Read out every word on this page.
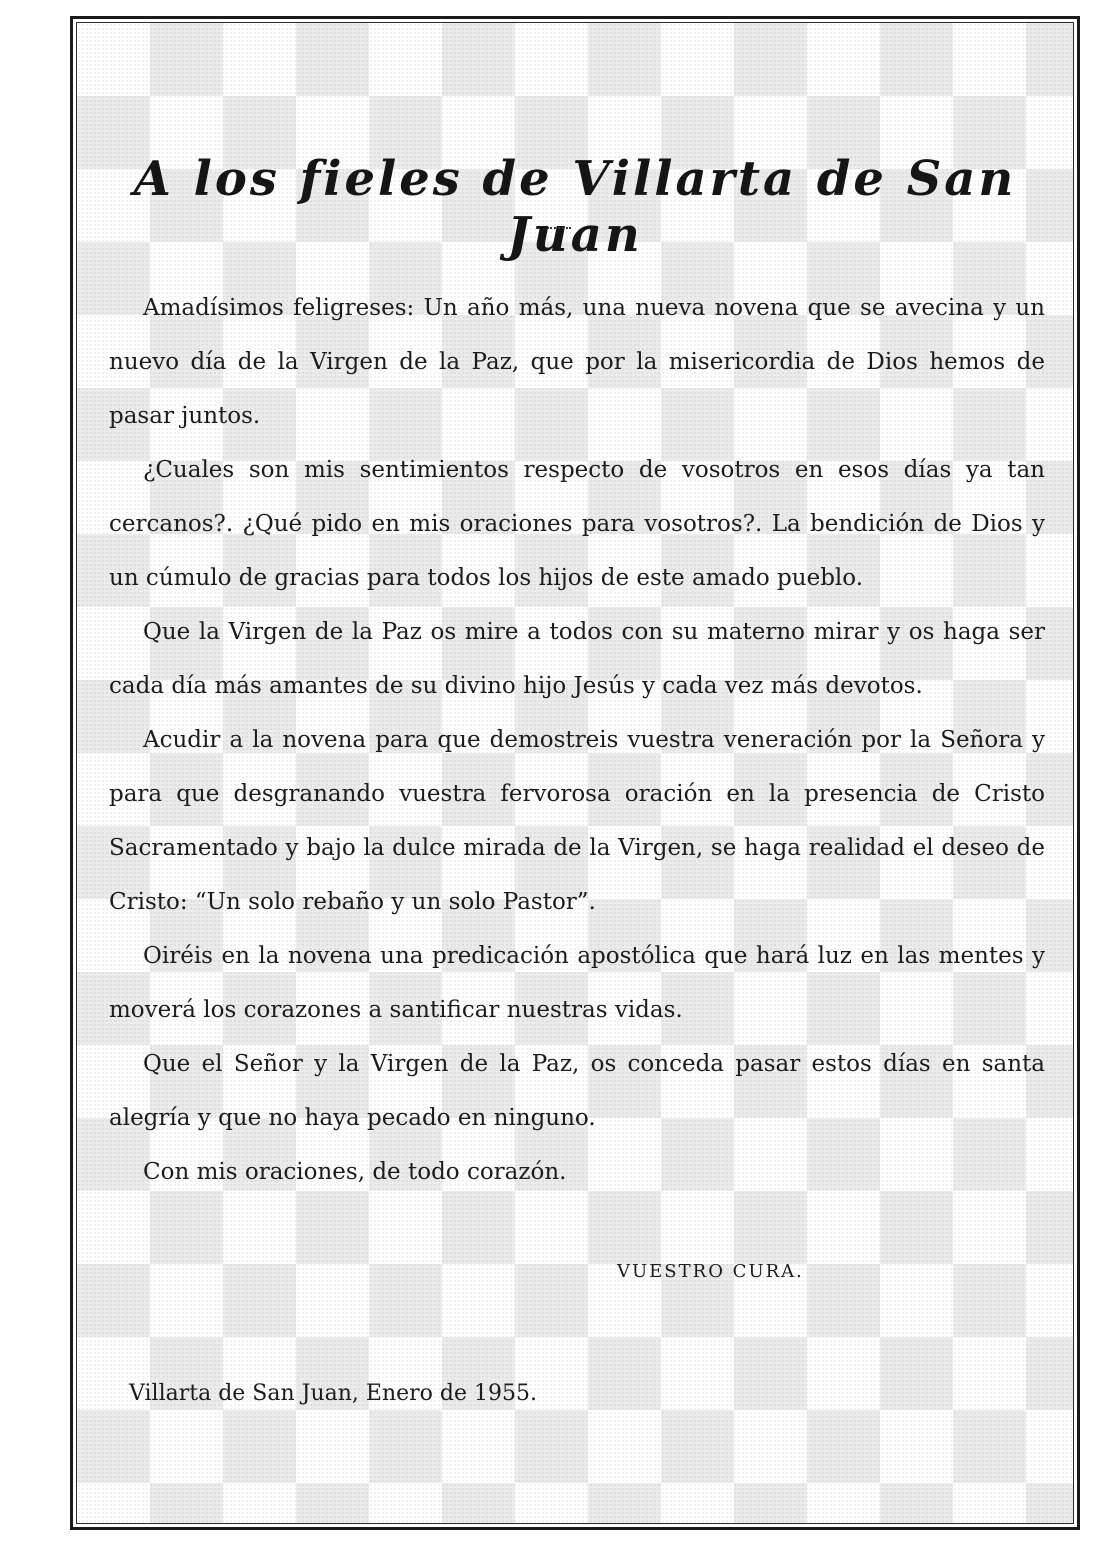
A los fieles de Villarta de San Juan

Amadísimos feligreses: Un año más, una nueva novena que se avecina y un nuevo día de la Virgen de la Paz, que por la misericordia de Dios hemos de pasar juntos.

¿Cuales son mis sentimientos respecto de vosotros en esos días ya tan cercanos?. ¿Qué pido en mis oraciones para vosotros?. La bendición de Dios y un cúmulo de gracias para todos los hijos de este amado pueblo.

Que la Virgen de la Paz os mire a todos con su materno mirar y os haga ser cada día más amantes de su divino hijo Jesús y cada vez más devotos.

Acudir a la novena para que demostreis vuestra veneración por la Señora y para que desgranando vuestra fervorosa oración en la presencia de Cristo Sacramentado y bajo la dulce mirada de la Virgen, se haga realidad el deseo de Cristo: “Un solo rebaño y un solo Pastor”.

Oiréis en la novena una predicación apostólica que hará luz en las mentes y moverá los corazones a santificar nuestras vidas.

Que el Señor y la Virgen de la Paz, os conceda pasar estos días en santa alegría y que no haya pecado en ninguno.

Con mis oraciones, de todo corazón.

VUESTRO CURA.
Villarta de San Juan, Enero de 1955.
